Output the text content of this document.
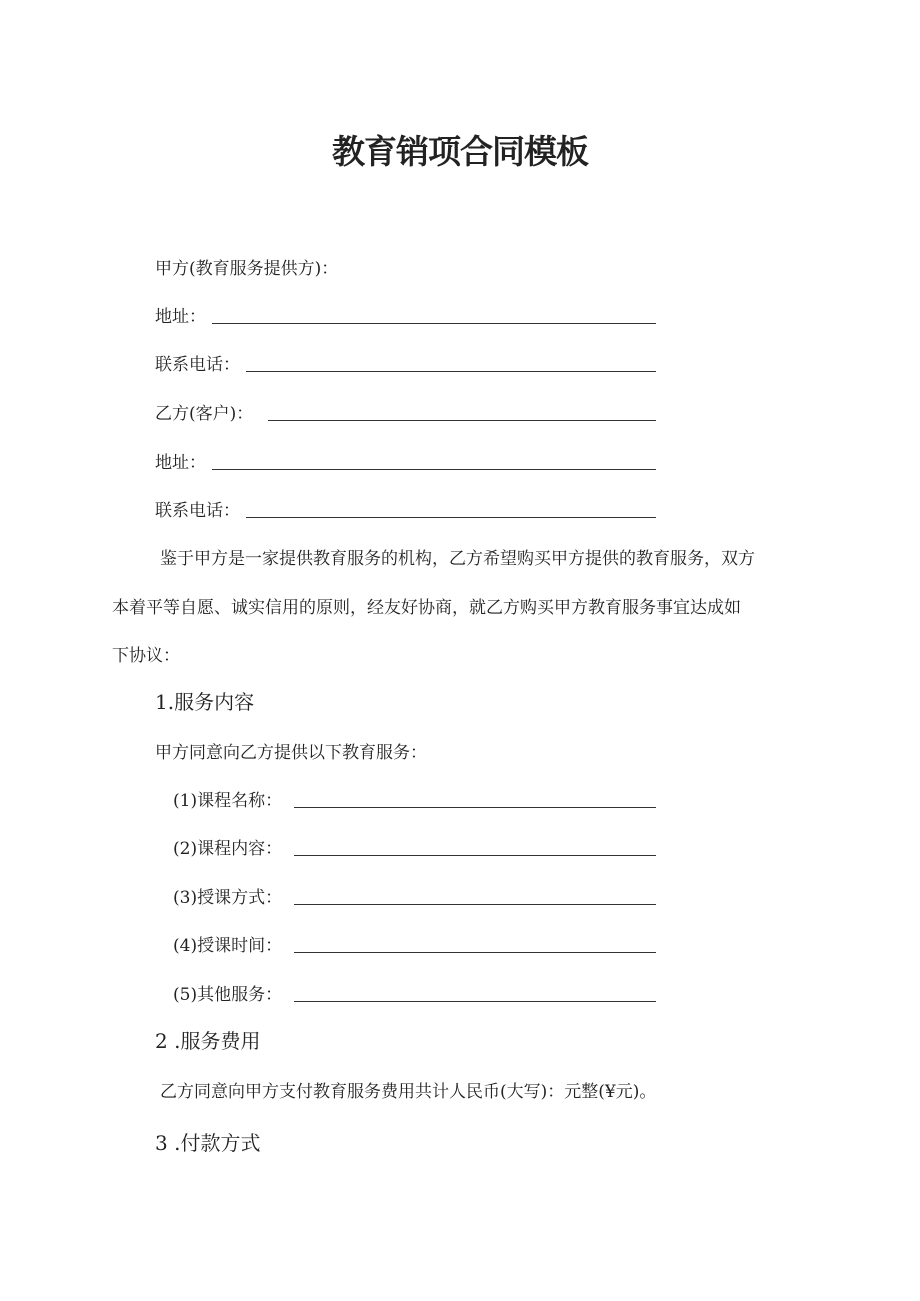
教育销项合同模板
甲方(教育服务提供方)：
地址：
联系电话：
乙方(客户)：
地址：
联系电话：
鉴于甲方是一家提供教育服务的机构，乙方希望购买甲方提供的教育服务，双方
本着平等自愿、诚实信用的原则，经友好协商，就乙方购买甲方教育服务事宜达成如
下协议：
1.服务内容
甲方同意向乙方提供以下教育服务：
(1)课程名称：
(2)课程内容：
(3)授课方式：
(4)授课时间：
(5)其他服务：
2 .服务费用
乙方同意向甲方支付教育服务费用共计人民币(大写)：元整(¥元)。
3 .付款方式
